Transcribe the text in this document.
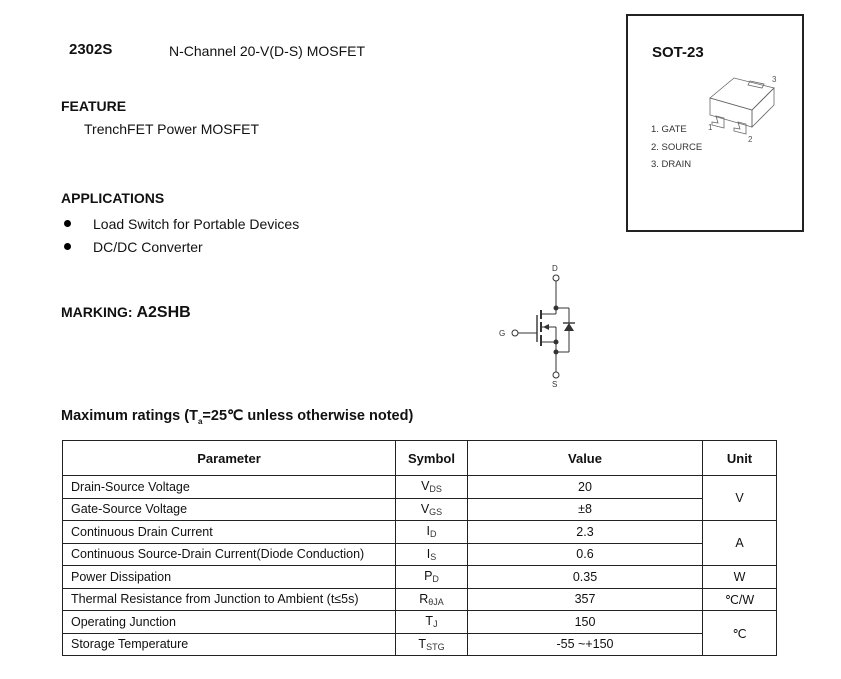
2302S	N-Channel 20-V(D-S) MOSFET
FEATURE
TrenchFET Power MOSFET
APPLICATIONS
Load Switch for Portable Devices
DC/DC Converter
MARKING: A2SHB
SOT-23
3
1
2
1. GATE
2. SOURCE
3. DRAIN
D
G
S
Maximum ratings ($T_a=25℃$ unless otherwise noted)
Parameter	Symbol	Value	Unit
Drain-Source Voltage	$V_{DS}$	20	V
Gate-Source Voltage	$V_{GS}$	±8	
Continuous Drain Current	$I_D$	2.3	A
Continuous Source-Drain Current(Diode Conduction)	$I_S$	0.6	
Power Dissipation	$P_D$	0.35	W
Thermal Resistance from Junction to Ambient (t≤5s)	$R_{\theta JA}$	357	℃/W
Operating Junction	$T_J$	150	℃
Storage Temperature	$T_{STG}$	-55 ~+150	
